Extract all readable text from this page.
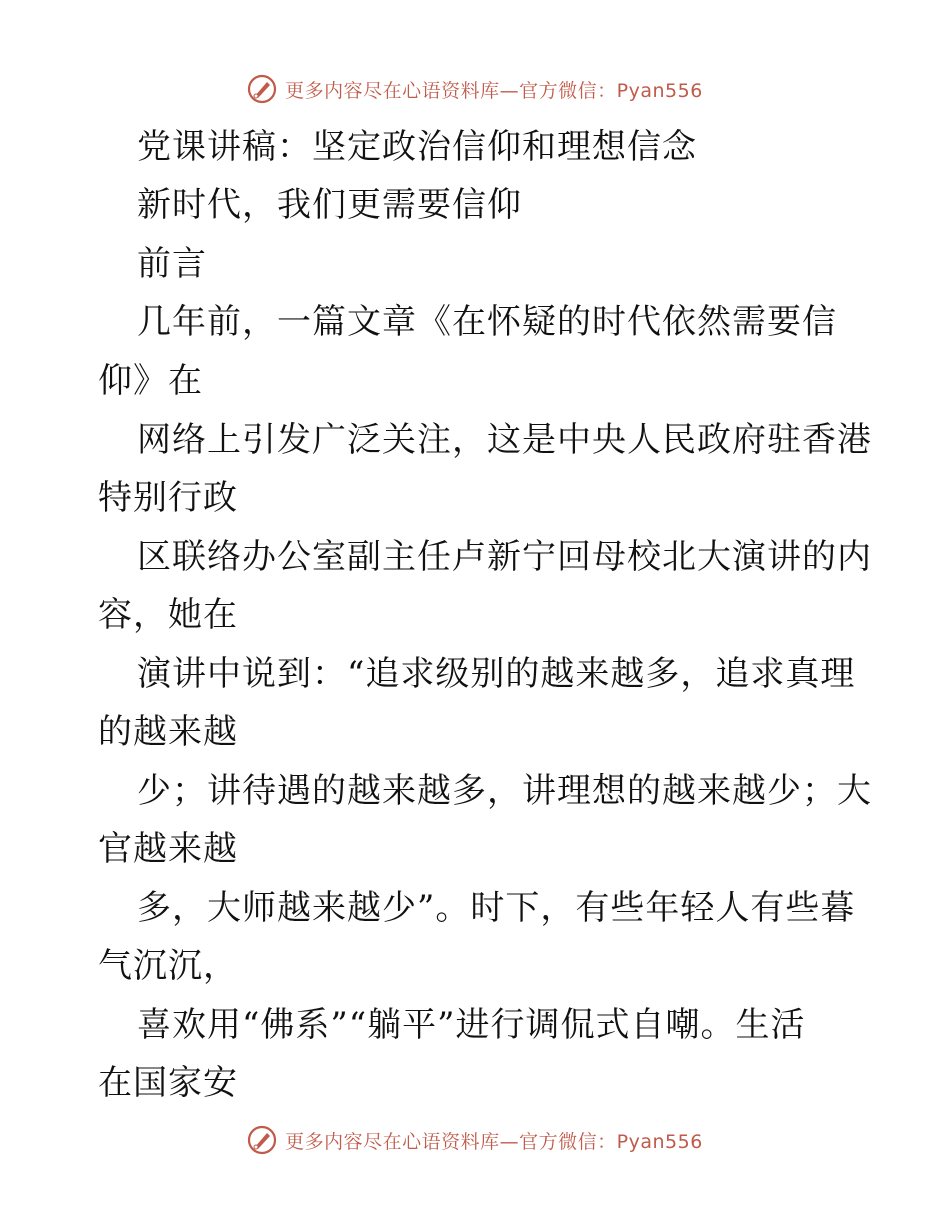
更多内容尽在心语资料库—官方微信：Pyan556
党课讲稿：坚定政治信仰和理想信念
新时代，我们更需要信仰
前言
几年前，一篇文章《在怀疑的时代依然需要信
仰》在
网络上引发广泛关注，这是中央人民政府驻香港
特别行政
区联络办公室副主任卢新宁回母校北大演讲的内
容，她在
演讲中说到：“追求级别的越来越多，追求真理
的越来越
少；讲待遇的越来越多，讲理想的越来越少；大
官越来越
多，大师越来越少”。时下，有些年轻人有些暮
气沉沉，
喜欢用“佛系”“躺平”进行调侃式自嘲。生活
在国家安
更多内容尽在心语资料库—官方微信：Pyan556
